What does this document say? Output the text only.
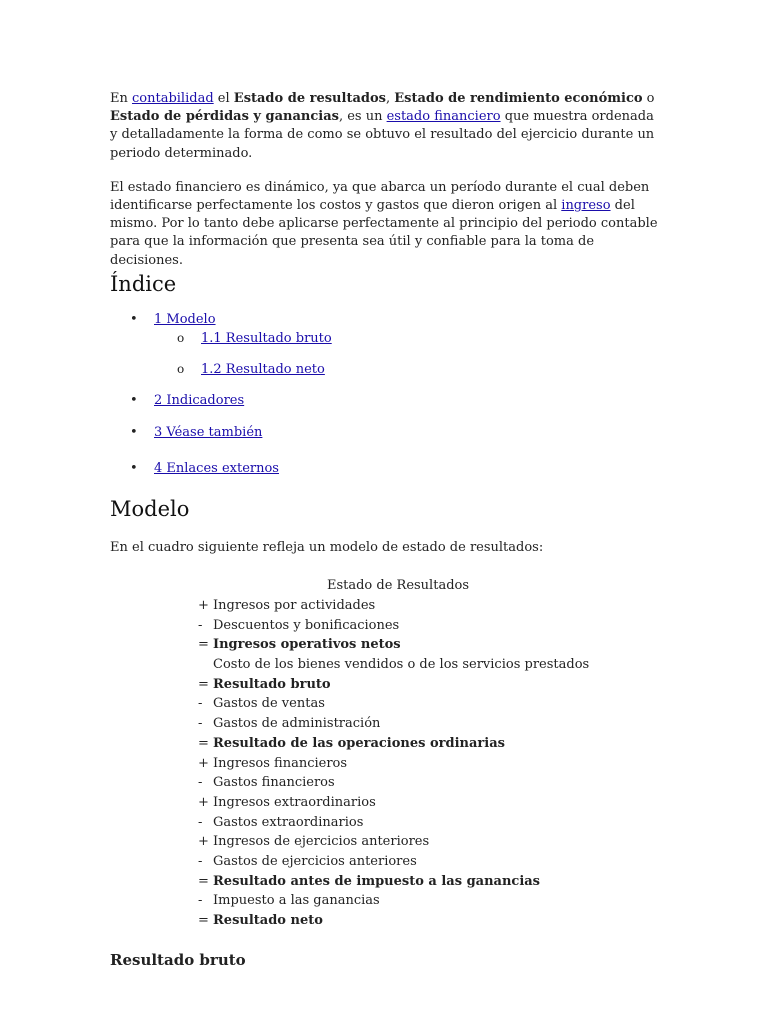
En contabilidad el Estado de resultados, Estado de rendimiento económico o Estado de pérdidas y ganancias, es un estado financiero que muestra ordenada y detalladamente la forma de como se obtuvo el resultado del ejercicio durante un periodo determinado.

El estado financiero es dinámico, ya que abarca un período durante el cual deben identificarse perfectamente los costos y gastos que dieron origen al ingreso del mismo. Por lo tanto debe aplicarse perfectamente al principio del periodo contable para que la información que presenta sea útil y confiable para la toma de decisiones.

Índice
• 1 Modelo
o 1.1 Resultado bruto
o 1.2 Resultado neto
• 2 Indicadores
• 3 Véase también
• 4 Enlaces externos
Modelo
En el cuadro siguiente refleja un modelo de estado de resultados:
Estado de Resultados
+ Ingresos por actividades
- Descuentos y bonificaciones
= Ingresos operativos netos
Costo de los bienes vendidos o de los servicios prestados
= Resultado bruto
- Gastos de ventas
- Gastos de administración
= Resultado de las operaciones ordinarias
+ Ingresos financieros
- Gastos financieros
+ Ingresos extraordinarios
- Gastos extraordinarios
+ Ingresos de ejercicios anteriores
- Gastos de ejercicios anteriores
= Resultado antes de impuesto a las ganancias
- Impuesto a las ganancias
= Resultado neto
Resultado bruto
